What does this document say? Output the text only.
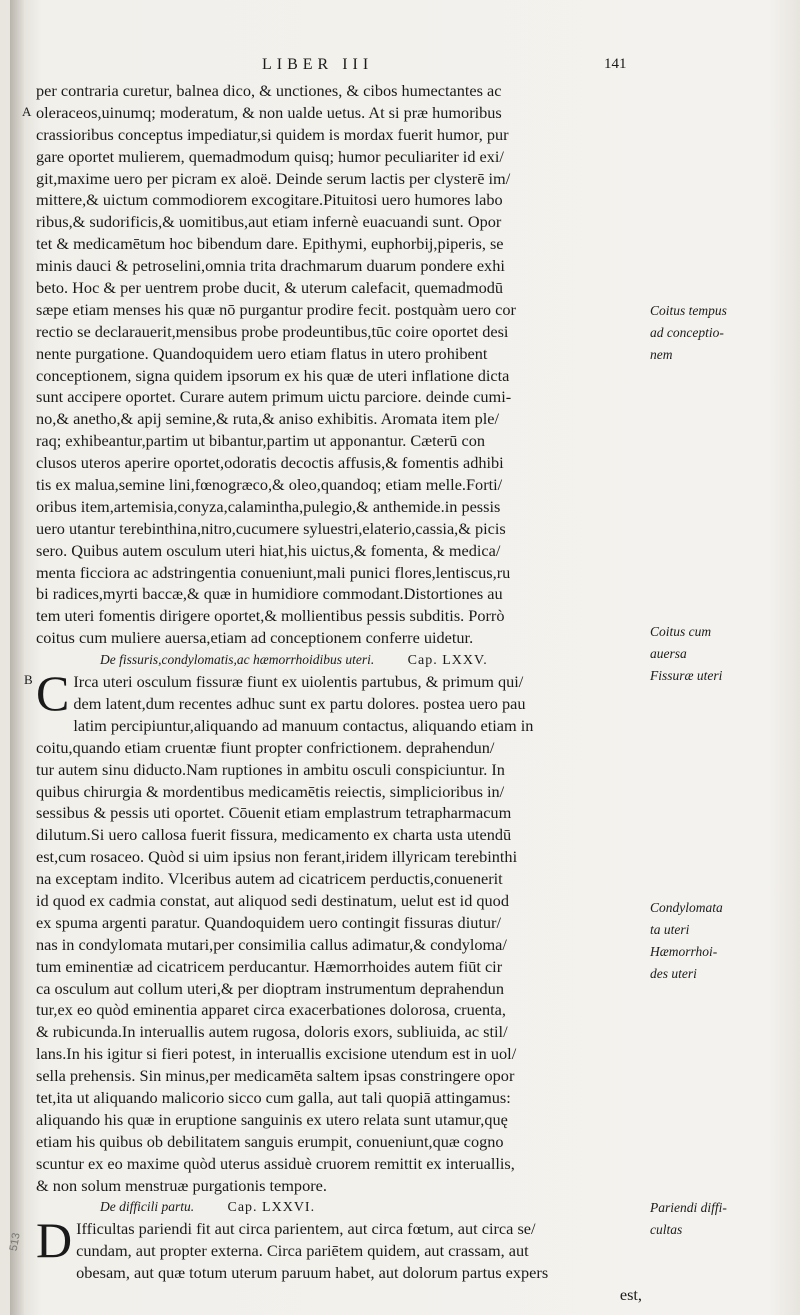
LIBER III	141
A
B
per contraria curetur, balnea dico, & unctiones, & cibos humectantes ac
oleraceos,uinumq; moderatum, & non ualde uetus. At si præ humoribus
crassioribus conceptus impediatur,si quidem is mordax fuerit humor, pur
gare oportet mulierem, quemadmodum quisq; humor peculiariter id exi/
git,maxime uero per picram ex aloë. Deinde serum lactis per clysterē im/
mittere,& uictum commodiorem excogitare.Pituitosi uero humores labo
ribus,& sudorificis,& uomitibus,aut etiam infernè euacuandi sunt. Opor
tet & medicamētum hoc bibendum dare. Epithymi, euphorbij,piperis, se
minis dauci & petroselini,omnia trita drachmarum duarum pondere exhi
beto. Hoc & per uentrem probe ducit, & uterum calefacit, quemadmodū
sæpe etiam menses his quæ nō purgantur prodire fecit. postquàm uero cor
rectio se declarauerit,mensibus probe prodeuntibus,tūc coire oportet desi
nente purgatione. Quandoquidem uero etiam flatus in utero prohibent
conceptionem, signa quidem ipsorum ex his quæ de uteri inflatione dicta
sunt accipere oportet. Curare autem primum uictu parciore. deinde cumi-
no,& anetho,& apij semine,& ruta,& aniso exhibitis. Aromata item ple/
raq; exhibeantur,partim ut bibantur,partim ut apponantur. Cæterū con
clusos uteros aperire oportet,odoratis decoctis affusis,& fomentis adhibi
tis ex malua,semine lini,fœnogræco,& oleo,quandoq; etiam melle.Forti/
oribus item,artemisia,conyza,calamintha,pulegio,& anthemide.in pessis
uero utantur terebinthina,nitro,cucumere syluestri,elaterio,cassia,& picis
sero. Quibus autem osculum uteri hiat,his uictus,& fomenta, & medica/
menta ficciora ac adstringentia conueniunt,mali punici flores,lentiscus,ru
bi radices,myrti baccæ,& quæ in humidiore commodant.Distortiones au
tem uteri fomentis dirigere oportet,& mollientibus pessis subditis. Porrò
coitus cum muliere auersa,etiam ad conceptionem conferre uidetur.
De fissuris,condylomatis,ac hæmorrhoidibus uteri. Cap. LXXV.
C Irca uteri osculum fissuræ fiunt ex uiolentis partubus, & primum qui/
dem latent,dum recentes adhuc sunt ex partu dolores. postea uero pau
latim percipiuntur,aliquando ad manuum contactus, aliquando etiam in
coitu,quando etiam cruentæ fiunt propter confrictionem. deprahendun/
tur autem sinu diducto.Nam ruptiones in ambitu osculi conspiciuntur. In
quibus chirurgia & mordentibus medicamētis reiectis, simplicioribus in/
sessibus & pessis uti oportet. Cōuenit etiam emplastrum tetrapharmacum
dilutum.Si uero callosa fuerit fissura, medicamento ex charta usta utendū
est,cum rosaceo. Quòd si uim ipsius non ferant,iridem illyricam terebinthi
na exceptam indito. Vlceribus autem ad cicatricem perductis,conuenerit
id quod ex cadmia constat, aut aliquod sedi destinatum, uelut est id quod
ex spuma argenti paratur. Quandoquidem uero contingit fissuras diutur/
nas in condylomata mutari,per consimilia callus adimatur,& condyloma/
tum eminentiæ ad cicatricem perducantur. Hæmorrhoides autem fiūt cir
ca osculum aut collum uteri,& per dioptram instrumentum deprahendun
tur,ex eo quòd eminentia apparet circa exacerbationes dolorosa, cruenta,
& rubicunda.In interuallis autem rugosa, doloris exors, subliuida, ac stil/
lans.In his igitur si fieri potest, in interuallis excisione utendum est in uol/
sella prehensis. Sin minus,per medicamēta saltem ipsas constringere opor
tet,ita ut aliquando malicorio sicco cum galla, aut tali quopiā attingamus:
aliquando his quæ in eruptione sanguinis ex utero relata sunt utamur,quę
etiam his quibus ob debilitatem sanguis erumpit, conueniunt,quæ cogno
scuntur ex eo maxime quòd uterus assiduè cruorem remittit ex interuallis,
& non solum menstruæ purgationis tempore.
De difficili partu. Cap. LXXVI.
D Ifficultas pariendi fit aut circa parientem, aut circa fœtum, aut circa se/
cundam, aut propter externa. Circa pariētem quidem, aut crassam, aut
obesam, aut quæ totum uterum paruum habet, aut dolorum partus expers
est,
Coitus tempus
ad conceptio-
nem
Coitus cum
auersa
Fissuræ uteri
Condylomata
ta uteri
Hæmorrhoi-
des uteri
Pariendi diffi-
cultas
513
